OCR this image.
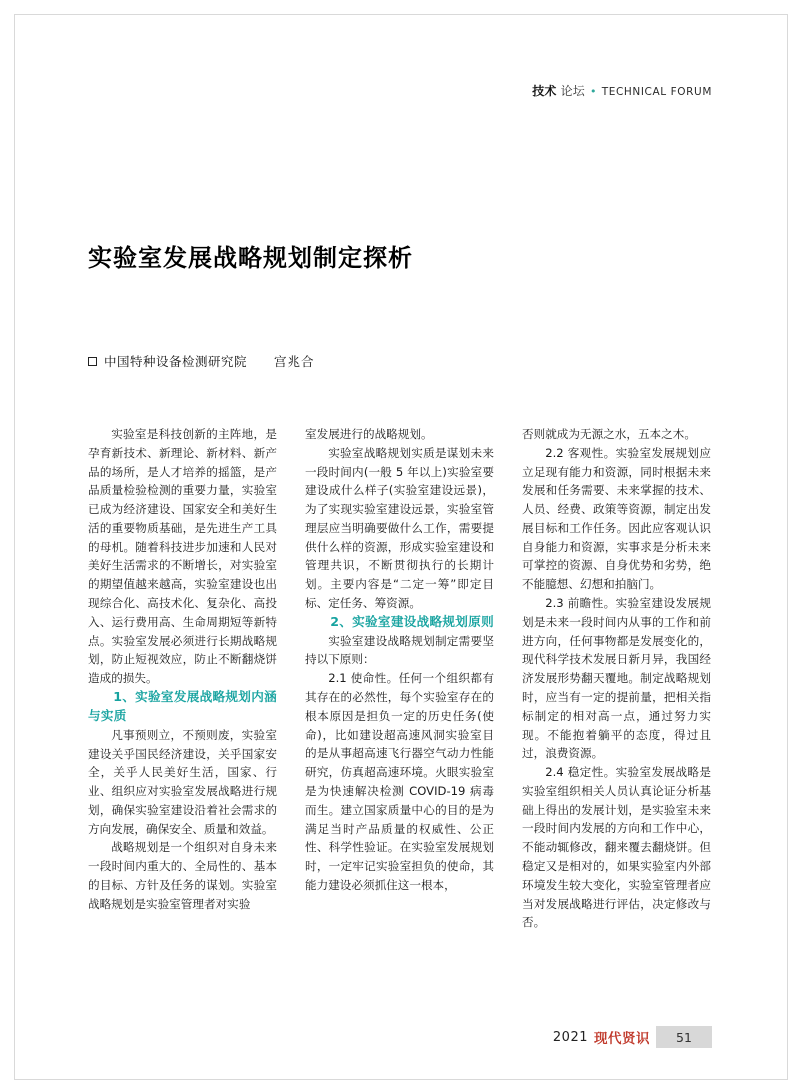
技术 论坛 • TECHNICAL FORUM
实验室发展战略规划制定探析
中国特种设备检测研究院 宫兆合

实验室是科技创新的主阵地，是孕育新技术、新理论、新材料、新产品的场所，是人才培养的摇篮，是产品质量检验检测的重要力量，实验室已成为经济建设、国家安全和美好生活的重要物质基础，是先进生产工具的母机。随着科技进步加速和人民对美好生活需求的不断增长，对实验室的期望值越来越高，实验室建设也出现综合化、高技术化、复杂化、高投入、运行费用高、生命周期短等新特点。实验室发展必须进行长期战略规划，防止短视效应，防止不断翻烧饼造成的损失。

1、实验室发展战略规划内涵与实质

凡事预则立，不预则废，实验室建设关乎国民经济建设，关乎国家安全，关乎人民美好生活，国家、行业、组织应对实验室发展战略进行规划，确保实验室建设沿着社会需求的方向发展，确保安全、质量和效益。

战略规划是一个组织对自身未来一段时间内重大的、全局性的、基本的目标、方针及任务的谋划。实验室战略规划是实验室管理者对实验

室发展进行的战略规划。

实验室战略规划实质是谋划未来一段时间内(一般 5 年以上)实验室要建设成什么样子(实验室建设远景)，为了实现实验室建设远景，实验室管理层应当明确要做什么工作，需要提供什么样的资源，形成实验室建设和管理共识，不断贯彻执行的长期计划。主要内容是“二定一筹”即定目标、定任务、筹资源。

2、实验室建设战略规划原则

实验室建设战略规划制定需要坚持以下原则：

2.1 使命性。任何一个组织都有其存在的必然性，每个实验室存在的根本原因是担负一定的历史任务(使命)，比如建设超高速风洞实验室目的是从事超高速飞行器空气动力性能研究，仿真超高速环境。火眼实验室是为快速解决检测 COVID-19 病毒而生。建立国家质量中心的目的是为满足当时产品质量的权威性、公正性、科学性验证。在实验室发展规划时，一定牢记实验室担负的使命，其能力建设必须抓住这一根本，

否则就成为无源之水，五本之木。

2.2 客观性。实验室发展规划应立足现有能力和资源，同时根据未来发展和任务需要、未来掌握的技术、人员、经费、政策等资源，制定出发展目标和工作任务。因此应客观认识自身能力和资源，实事求是分析未来可掌控的资源、自身优势和劣势，绝不能臆想、幻想和拍脑门。

2.3 前瞻性。实验室建设发展规划是未来一段时间内从事的工作和前进方向，任何事物都是发展变化的，现代科学技术发展日新月异，我国经济发展形势翻天覆地。制定战略规划时，应当有一定的提前量，把相关指标制定的相对高一点，通过努力实现。不能抱着躺平的态度，得过且过，浪费资源。

2.4 稳定性。实验室发展战略是实验室组织相关人员认真论证分析基础上得出的发展计划，是实验室未来一段时间内发展的方向和工作中心，不能动辄修改，翻来覆去翻烧饼。但稳定又是相对的，如果实验室内外部环境发生较大变化，实验室管理者应当对发展战略进行评估，决定修改与否。

2021 现代贤识	51
